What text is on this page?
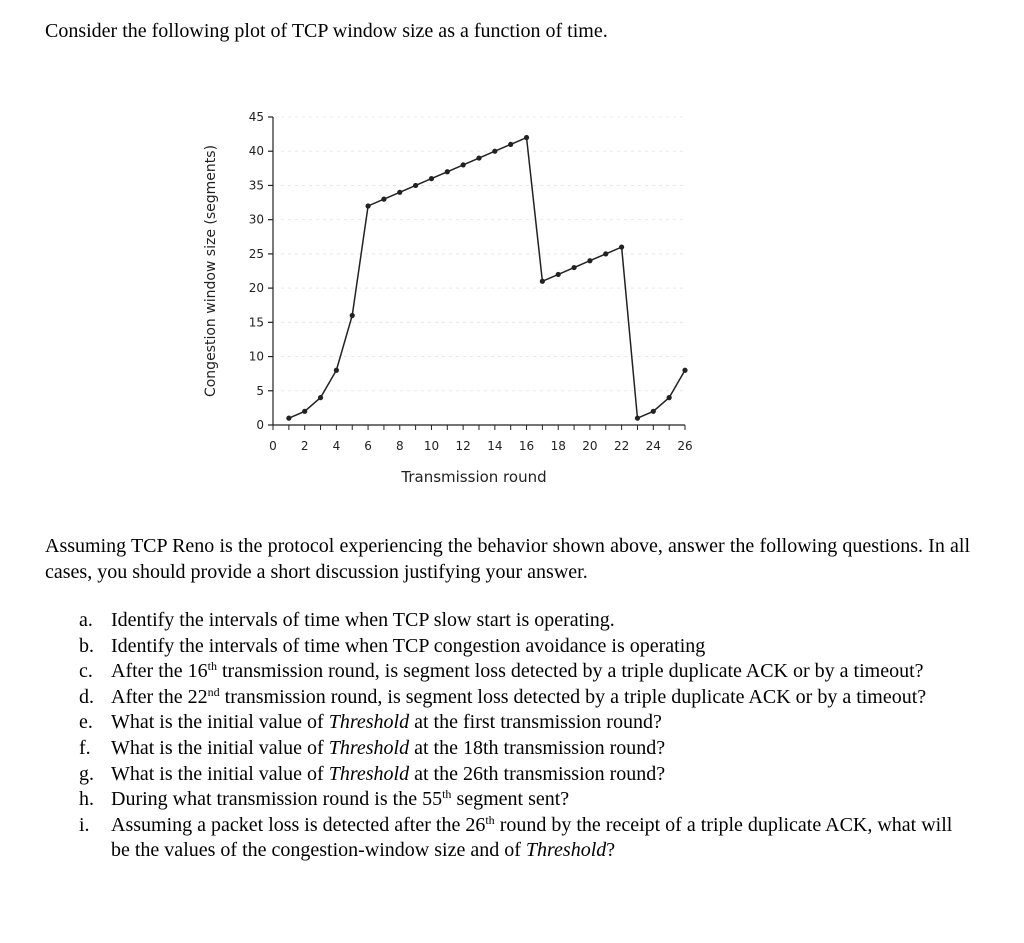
Consider the following plot of TCP window size as a function of time.
0
5
10
15
20
25
30
35
40
45
0 2 4 6 8 10 12 14 16 18 20 22 24 26
Congestion window size (segments)
Transmission round
Assuming TCP Reno is the protocol experiencing the behavior shown above, answer the following questions. In all cases, you should provide a short discussion justifying your answer.
a. Identify the intervals of time when TCP slow start is operating.
b. Identify the intervals of time when TCP congestion avoidance is operating
c. After the 16th transmission round, is segment loss detected by a triple duplicate ACK or by a timeout?
d. After the 22nd transmission round, is segment loss detected by a triple duplicate ACK or by a timeout?
e. What is the initial value of Threshold at the first transmission round?
f. What is the initial value of Threshold at the 18th transmission round?
g. What is the initial value of Threshold at the 26th transmission round?
h. During what transmission round is the 55th segment sent?
i. Assuming a packet loss is detected after the 26th round by the receipt of a triple duplicate ACK, what will be the values of the congestion-window size and of Threshold?
